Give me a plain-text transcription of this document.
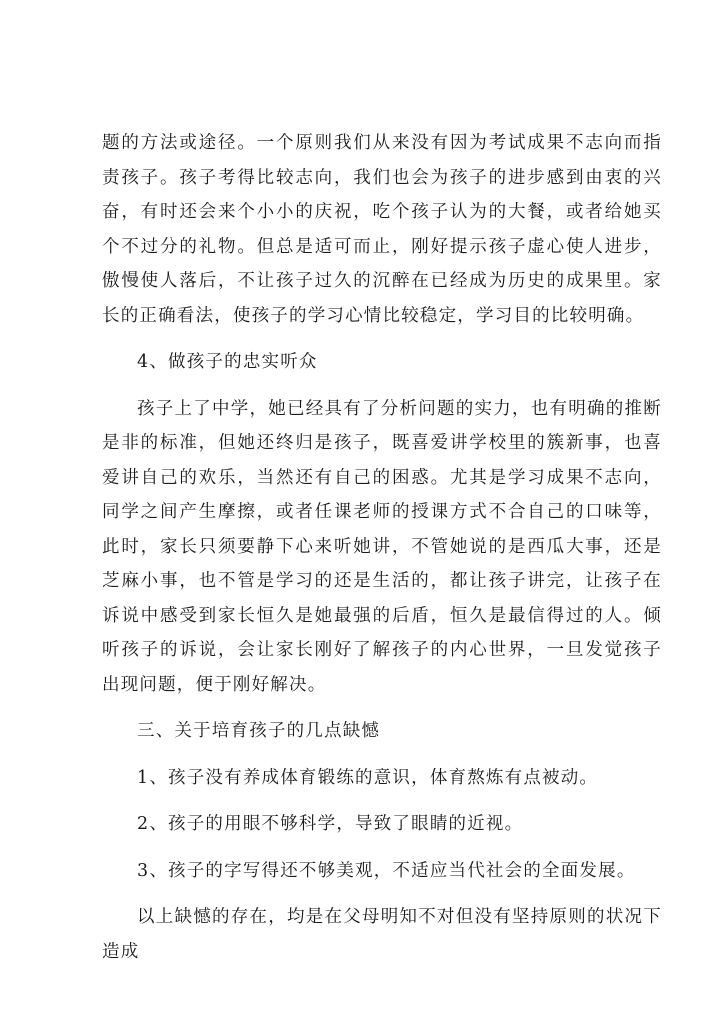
题的方法或途径。一个原则我们从来没有因为考试成果不志向而指责孩子。孩子考得比较志向，我们也会为孩子的进步感到由衷的兴奋，有时还会来个小小的庆祝，吃个孩子认为的大餐，或者给她买个不过分的礼物。但总是适可而止，刚好提示孩子虚心使人进步，傲慢使人落后，不让孩子过久的沉醉在已经成为历史的成果里。家长的正确看法，使孩子的学习心情比较稳定，学习目的比较明确。

4、做孩子的忠实听众

孩子上了中学，她已经具有了分析问题的实力，也有明确的推断是非的标准，但她还终归是孩子，既喜爱讲学校里的簇新事，也喜爱讲自己的欢乐，当然还有自己的困惑。尤其是学习成果不志向，同学之间产生摩擦，或者任课老师的授课方式不合自己的口味等，此时，家长只须要静下心来听她讲，不管她说的是西瓜大事，还是芝麻小事，也不管是学习的还是生活的，都让孩子讲完，让孩子在诉说中感受到家长恒久是她最强的后盾，恒久是最信得过的人。倾听孩子的诉说，会让家长刚好了解孩子的内心世界，一旦发觉孩子出现问题，便于刚好解决。

三、关于培育孩子的几点缺憾

1、孩子没有养成体育锻练的意识，体育熬炼有点被动。

2、孩子的用眼不够科学，导致了眼睛的近视。

3、孩子的字写得还不够美观，不适应当代社会的全面发展。

以上缺憾的存在，均是在父母明知不对但没有坚持原则的状况下造成
